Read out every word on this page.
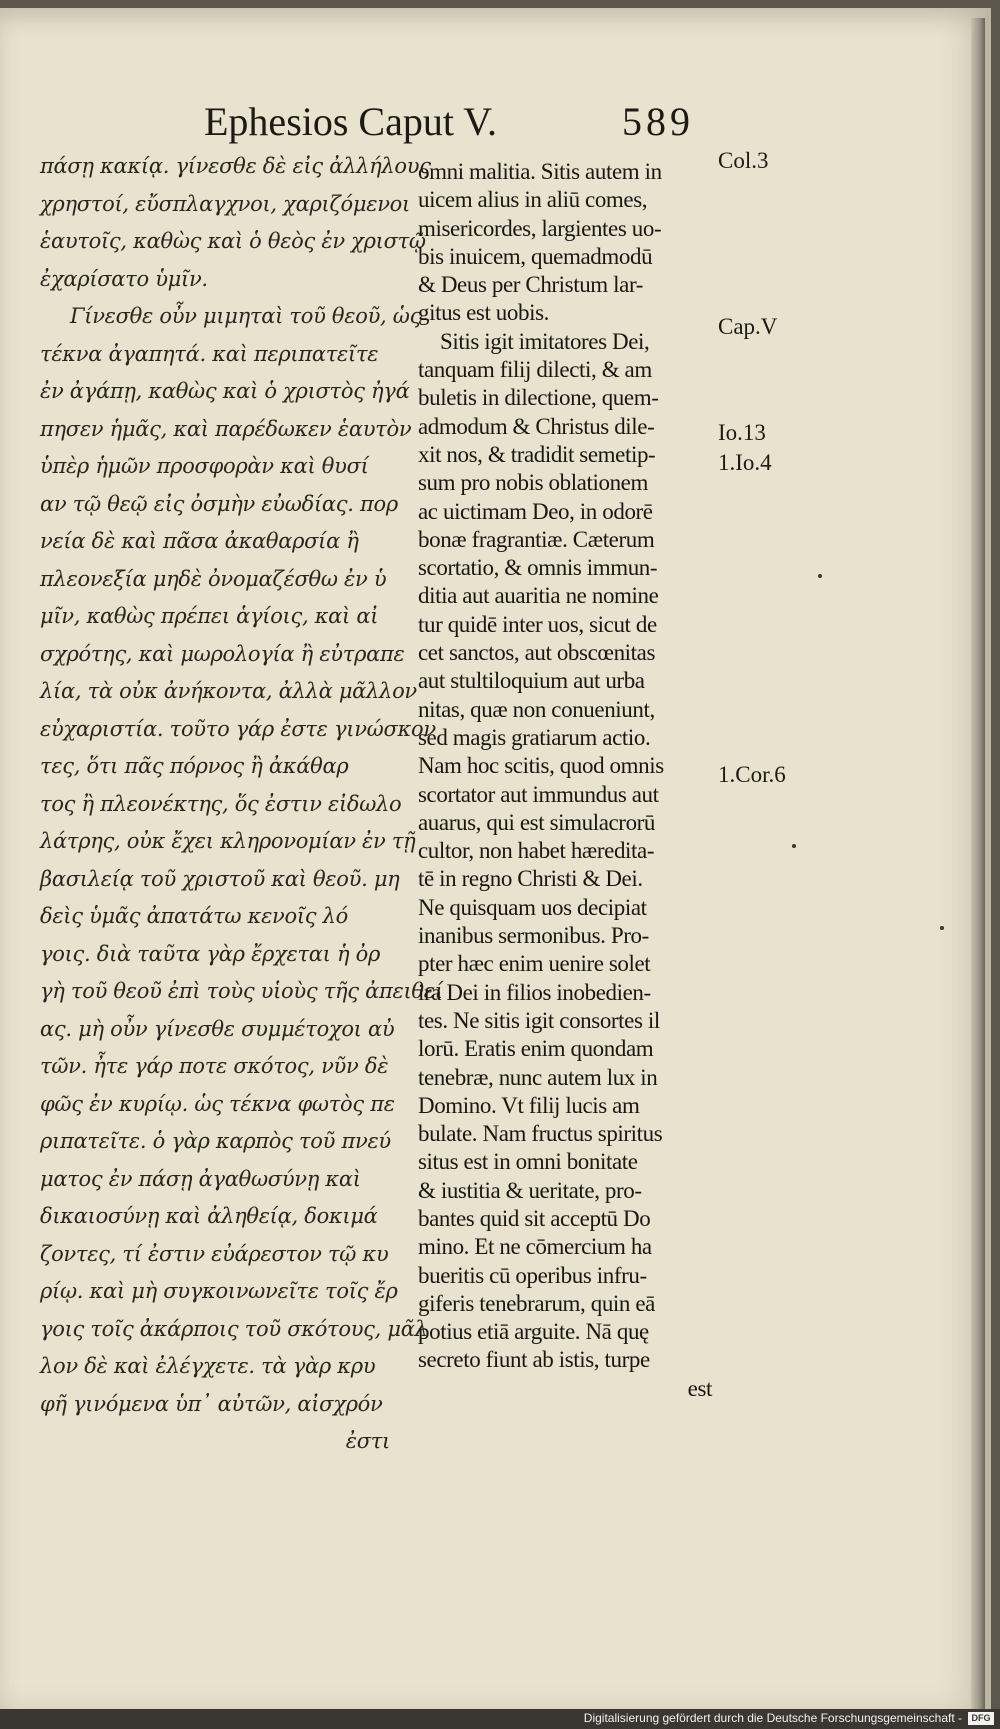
Ephesios Caput V.	589
πάσῃ κακίᾳ. γίνεσθε δὲ εἰς ἀλλήλους
χρηστοί, εὔσπλαγχνοι, χαριζόμενοι
ἑαυτοῖς, καθὼς καὶ ὁ θεὸς ἐν χριστῷ
ἐχαρίσατο ὑμῖν.
Γίνεσθε οὖν μιμηταὶ τοῦ θεοῦ, ὡς
τέκνα ἀγαπητά. καὶ περιπατεῖτε
ἐν ἀγάπῃ, καθὼς καὶ ὁ χριστὸς ἠγά
πησεν ἡμᾶς, καὶ παρέδωκεν ἑαυτὸν
ὑπὲρ ἡμῶν προσφορὰν καὶ θυσί
αν τῷ θεῷ εἰς ὀσμὴν εὐωδίας. πορ
νεία δὲ καὶ πᾶσα ἀκαθαρσία ἢ
πλεονεξία μηδὲ ὀνομαζέσθω ἐν ὑ
μῖν, καθὼς πρέπει ἁγίοις, καὶ αἰ
σχρότης, καὶ μωρολογία ἢ εὐτραπε
λία, τὰ οὐκ ἀνήκοντα, ἀλλὰ μᾶλλον
εὐχαριστία. τοῦτο γάρ ἐστε γινώσκον
τες, ὅτι πᾶς πόρνος ἢ ἀκάθαρ
τος ἢ πλεονέκτης, ὅς ἐστιν εἰδωλο
λάτρης, οὐκ ἔχει κληρονομίαν ἐν τῇ
βασιλείᾳ τοῦ χριστοῦ καὶ θεοῦ. μη
δεὶς ὑμᾶς ἀπατάτω κενοῖς λό
γοις. διὰ ταῦτα γὰρ ἔρχεται ἡ ὀρ
γὴ τοῦ θεοῦ ἐπὶ τοὺς υἱοὺς τῆς ἀπειθεί
ας. μὴ οὖν γίνεσθε συμμέτοχοι αὐ
τῶν. ἦτε γάρ ποτε σκότος, νῦν δὲ
φῶς ἐν κυρίῳ. ὡς τέκνα φωτὸς πε
ριπατεῖτε. ὁ γὰρ καρπὸς τοῦ πνεύ
ματος ἐν πάσῃ ἀγαθωσύνῃ καὶ
δικαιοσύνῃ καὶ ἀληθείᾳ, δοκιμά
ζοντες, τί ἐστιν εὐάρεστον τῷ κυ
ρίῳ. καὶ μὴ συγκοινωνεῖτε τοῖς ἔρ
γοις τοῖς ἀκάρποις τοῦ σκότους, μᾶλ
λον δὲ καὶ ἐλέγχετε. τὰ γὰρ κρυ
φῆ γινόμενα ὑπ᾽ αὐτῶν, αἰσχρόν
ἐστι
omni malitia. Sitis autem in
uicem alius in aliū comes,
misericordes, largientes uo-
bis inuicem, quemadmodū
& Deus per Christum lar-
gitus est uobis.
Sitis igit imitatores Dei,
tanquam filij dilecti, & am
buletis in dilectione, quem-
admodum & Christus dile-
xit nos, & tradidit semetip-
sum pro nobis oblationem
ac uictimam Deo, in odorē
bonæ fragrantiæ. Cæterum
scortatio, & omnis immun-
ditia aut auaritia ne nomine
tur quidē inter uos, sicut de
cet sanctos, aut obscœnitas
aut stultiloquium aut urba
nitas, quæ non conueniunt,
sed magis gratiarum actio.
Nam hoc scitis, quod omnis
scortator aut immundus aut
auarus, qui est simulacrorū
cultor, non habet hæredita-
tē in regno Christi & Dei.
Ne quisquam uos decipiat
inanibus sermonibus. Pro-
pter hæc enim uenire solet
ira Dei in filios inobedien-
tes. Ne sitis igit consortes il
lorū. Eratis enim quondam
tenebræ, nunc autem lux in
Domino. Vt filij lucis am
bulate. Nam fructus spiritus
situs est in omni bonitate
& iustitia & ueritate, pro-
bantes quid sit acceptū Do
mino. Et ne cōmercium ha
bueritis cū operibus infru-
giferis tenebrarum, quin eā
potius etiā arguite. Nā quę
secreto fiunt ab istis, turpe
est
Col.3
Cap.V
Io.13
1.Io.4
1.Cor.6
Digitalisierung gefördert durch die Deutsche Forschungsgemeinschaft -	DFG
